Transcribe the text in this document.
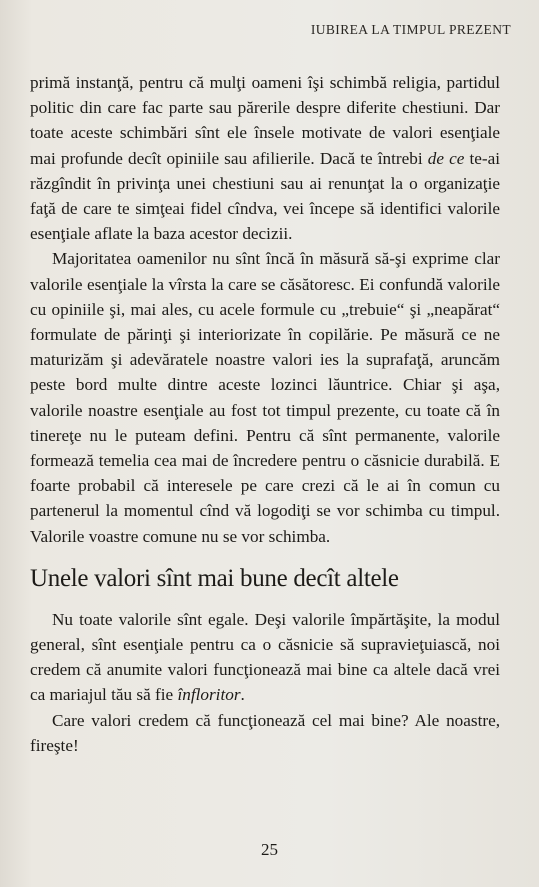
IUBIREA LA TIMPUL PREZENT

primă instanţă, pentru că mulţi oameni îşi schimbă religia, partidul politic din care fac parte sau părerile despre diferite chestiuni. Dar toate aceste schimbări sînt ele însele motivate de valori esenţiale mai profunde decît opiniile sau afilierile. Dacă te întrebi de ce te-ai răzgîndit în privinţa unei chestiuni sau ai renunţat la o organizaţie faţă de care te simţeai fidel cîndva, vei începe să identifici valorile esenţiale aflate la baza acestor decizii.

Majoritatea oamenilor nu sînt încă în măsură să-şi exprime clar valorile esenţiale la vîrsta la care se căsătoresc. Ei confundă valorile cu opiniile şi, mai ales, cu acele formule cu „trebuie“ şi „neapărat“ formulate de părinţi şi interiorizate în copilărie. Pe măsură ce ne maturizăm şi adevăratele noastre valori ies la suprafaţă, aruncăm peste bord multe dintre aceste lozinci lăuntrice. Chiar şi aşa, valorile noastre esenţiale au fost tot timpul prezente, cu toate că în tinereţe nu le puteam defini. Pentru că sînt permanente, valorile formează temelia cea mai de încredere pentru o căsnicie durabilă. E foarte probabil că interesele pe care crezi că le ai în comun cu partenerul la momentul cînd vă logodiţi se vor schimba cu timpul. Valorile voastre comune nu se vor schimba.

Unele valori sînt mai bune decît altele

Nu toate valorile sînt egale. Deşi valorile împărtăşite, la modul general, sînt esenţiale pentru ca o căsnicie să supravieţuiască, noi credem că anumite valori funcţionează mai bine ca altele dacă vrei ca mariajul tău să fie înfloritor.

Care valori credem că funcţionează cel mai bine? Ale noastre, fireşte!

25
